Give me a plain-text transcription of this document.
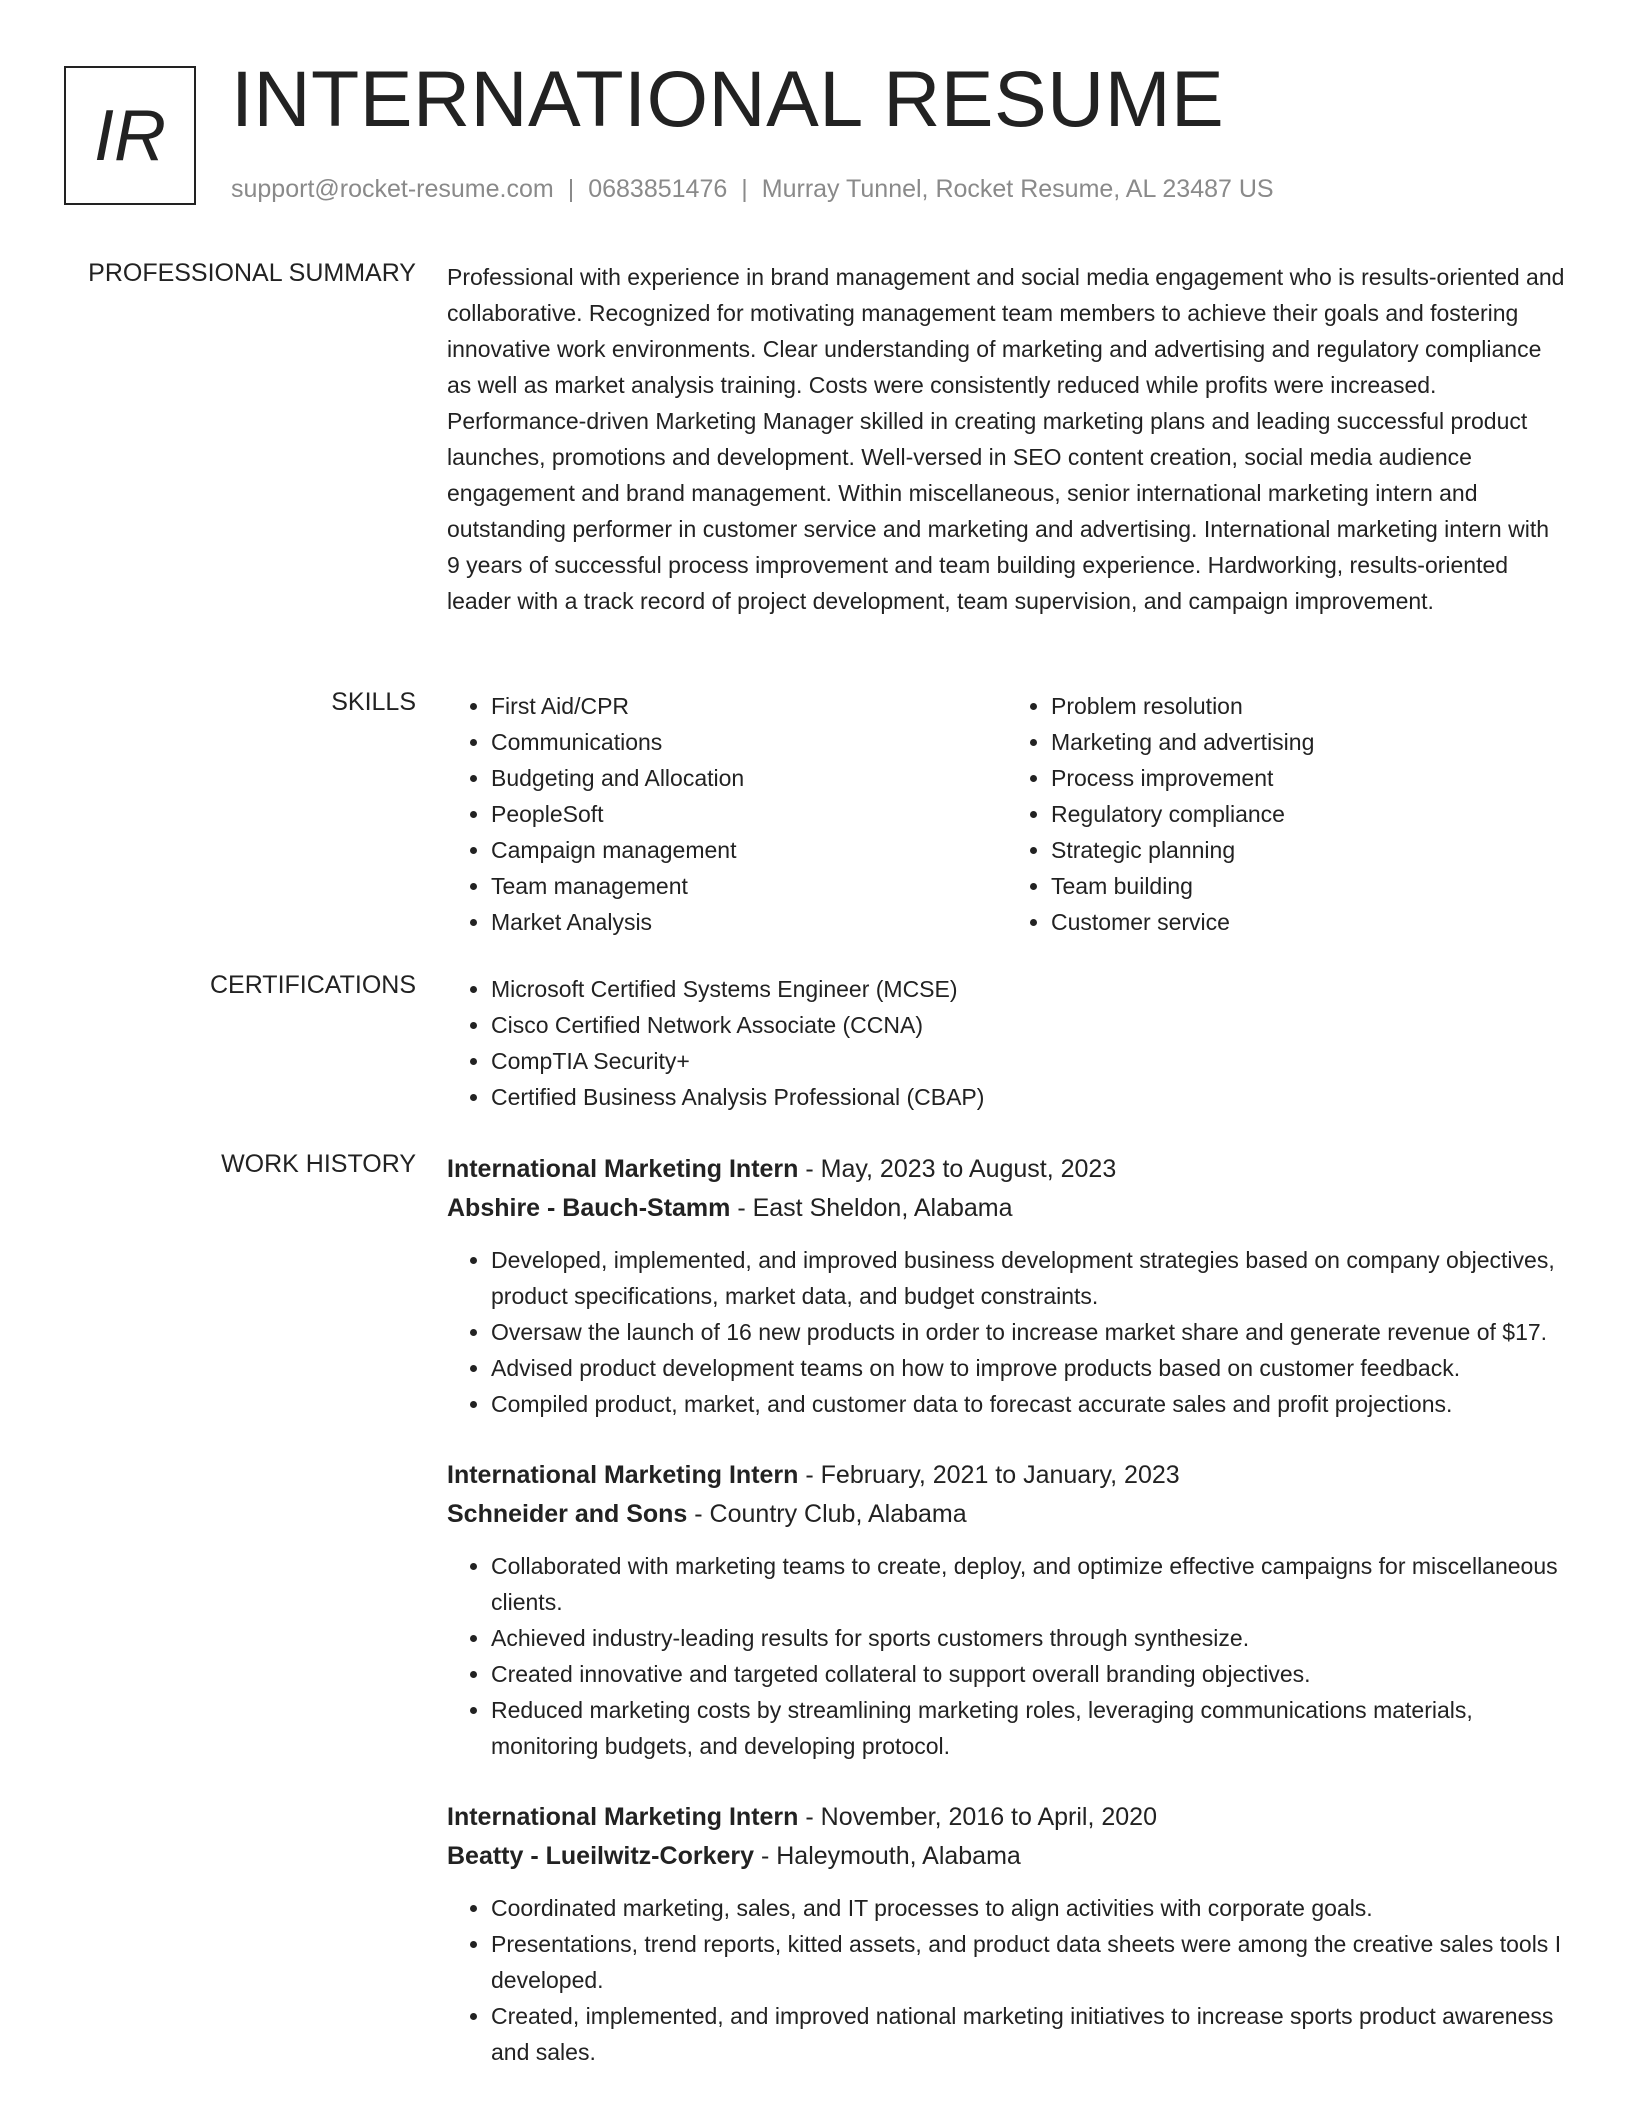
IR INTERNATIONAL RESUME
support@rocket-resume.com | 0683851476 | Murray Tunnel, Rocket Resume, AL 23487 US
PROFESSIONAL SUMMARY Professional with experience in brand management and social media engagement who is results-oriented and collaborative. Recognized for motivating management team members to achieve their goals and fostering innovative work environments. Clear understanding of marketing and advertising and regulatory compliance as well as market analysis training. Costs were consistently reduced while profits were increased. Performance-driven Marketing Manager skilled in creating marketing plans and leading successful product launches, promotions and development. Well-versed in SEO content creation, social media audience engagement and brand management. Within miscellaneous, senior international marketing intern and outstanding performer in customer service and marketing and advertising. International marketing intern with 9 years of successful process improvement and team building experience. Hardworking, results-oriented leader with a track record of project development, team supervision, and campaign improvement.

SKILLS	• First Aid/CPR
• Communications
• Budgeting and Allocation
• PeopleSoft
• Campaign management
• Team management
• Market Analysis
• Problem resolution
• Marketing and advertising
• Process improvement
• Regulatory compliance
• Strategic planning
• Team building
• Customer service
CERTIFICATIONS	• Microsoft Certified Systems Engineer (MCSE)
• Cisco Certified Network Associate (CCNA)
• CompTIA Security+
• Certified Business Analysis Professional (CBAP)
WORK HISTORY International Marketing Intern - May, 2023 to August, 2023
Abshire - Bauch-Stamm - East Sheldon, Alabama
• Developed, implemented, and improved business development strategies based on company objectives, product specifications, market data, and budget constraints.
• Oversaw the launch of 16 new products in order to increase market share and generate revenue of $17.
• Advised product development teams on how to improve products based on customer feedback.
• Compiled product, market, and customer data to forecast accurate sales and profit projections.
International Marketing Intern - February, 2021 to January, 2023
Schneider and Sons - Country Club, Alabama
• Collaborated with marketing teams to create, deploy, and optimize effective campaigns for miscellaneous clients.
• Achieved industry-leading results for sports customers through synthesize.
• Created innovative and targeted collateral to support overall branding objectives.
• Reduced marketing costs by streamlining marketing roles, leveraging communications materials, monitoring budgets, and developing protocol.
International Marketing Intern - November, 2016 to April, 2020
Beatty - Lueilwitz-Corkery - Haleymouth, Alabama
• Coordinated marketing, sales, and IT processes to align activities with corporate goals.
• Presentations, trend reports, kitted assets, and product data sheets were among the creative sales tools I developed.
• Created, implemented, and improved national marketing initiatives to increase sports product awareness and sales.
